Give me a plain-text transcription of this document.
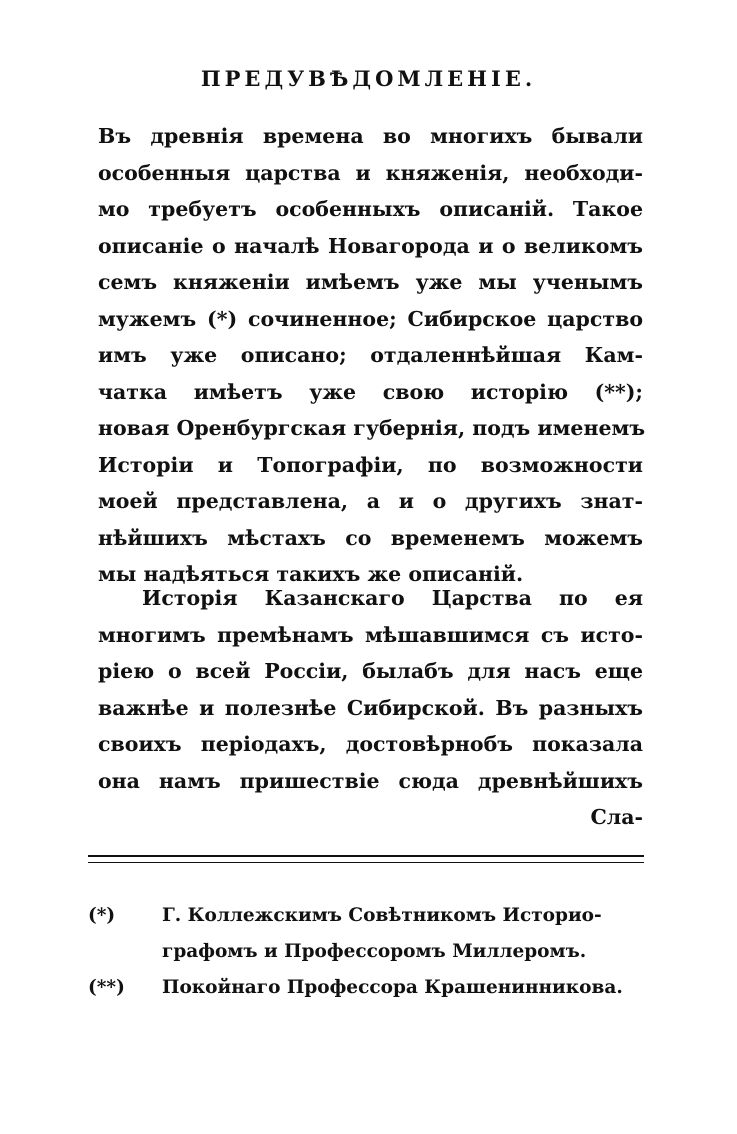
ПРЕДУВѢДОМЛЕНІЕ.
Въ древнія времена во многихъ бывали
особенныя царства и княженія, необходи-
мо требуетъ особенныхъ описаній. Такое
описаніе о началѣ Новагорода и о великомъ
семъ княженіи имѣемъ уже мы ученымъ
мужемъ (*) сочиненное; Сибирское царство
имъ уже описано; отдаленнѣйшая Кам-
чатка имѣетъ уже свою исторію (**);
новая Оренбургская губернія, подъ именемъ
Исторіи и Топографіи, по возможности
моей представлена, а и о другихъ знат-
нѣйшихъ мѣстахъ со временемъ можемъ
мы надѣяться такихъ же описаній.
Исторія Казанскаго Царства по ея
многимъ премѣнамъ мѣшавшимся съ исто-
ріею о всей Россіи, былабъ для насъ еще
важнѣе и полезнѣе Сибирской. Въ разныхъ
своихъ періодахъ, достовѣрнобъ показала
она намъ пришествіе сюда древнѣйшихъ
Сла-
(*)	Г. Коллежскимъ Совѣтникомъ Историо-
графомъ и Профессоромъ Миллеромъ.
(**) Покойнаго Профессора Крашенинникова.
